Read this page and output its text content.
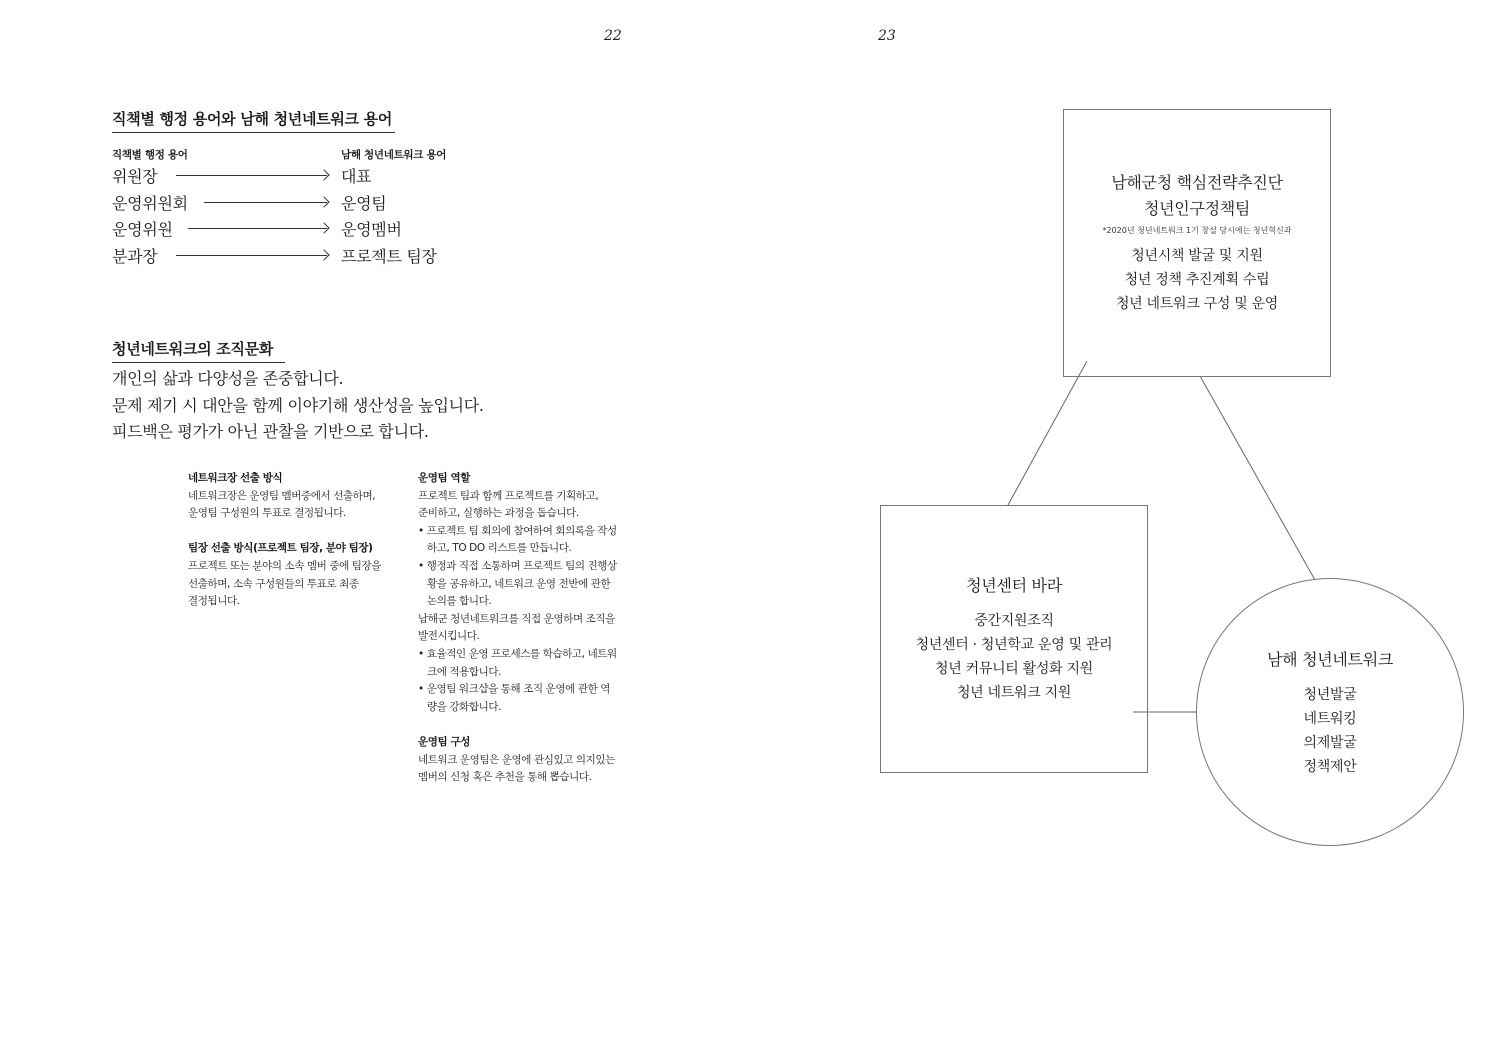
22	23
직책별 행정 용어와 남해 청년네트워크 용어
직책별 행정 용어	남해 청년네트워크 용어
위원장	대표
운영위원회	운영팀
운영위원	운영멤버
분과장	프로젝트 팀장
청년네트워크의 조직문화
개인의 삶과 다양성을 존중합니다.
문제 제기 시 대안을 함께 이야기해 생산성을 높입니다.
피드백은 평가가 아닌 관찰을 기반으로 합니다.
네트워크장 선출 방식
네트워크장은 운영팀 멤버중에서 선출하며,
운영팀 구성원의 투표로 결정됩니다.
팀장 선출 방식(프로젝트 팀장, 분야 팀장)
프로젝트 또는 분야의 소속 멤버 중에 팀장을
선출하며, 소속 구성원들의 투표로 최종
결정됩니다.
운영팀 역할
프로젝트 팀과 함께 프로젝트를 기획하고,
준비하고, 실행하는 과정을 돕습니다.
• 프로젝트 팀 회의에 참여하여 회의록을 작성하고, TO DO 리스트를 만듭니다.
• 행정과 직접 소통하며 프로젝트 팀의 진행상황을 공유하고, 네트워크 운영 전반에 관한 논의를 합니다.
남해군 청년네트워크를 직접 운영하며 조직을
발전시킵니다.
• 효율적인 운영 프로세스를 학습하고, 네트워크에 적용합니다.
• 운영팀 워크샵을 통해 조직 운영에 관한 역량을 강화합니다.
운영팀 구성
네트워크 운영팀은 운영에 관심있고 의지있는
멤버의 신청 혹은 추천을 통해 뽑습니다.
남해군청 핵심전략추진단
청년인구정책팀
*2020년 청년네트워크 1기 창설 당시에는 청년혁신과
청년시책 발굴 및 지원
청년 정책 추진계획 수립
청년 네트워크 구성 및 운영
청년센터 바라
중간지원조직
청년센터 · 청년학교 운영 및 관리
청년 커뮤니티 활성화 지원
청년 네트워크 지원
남해 청년네트워크
청년발굴
네트워킹
의제발굴
정책제안
